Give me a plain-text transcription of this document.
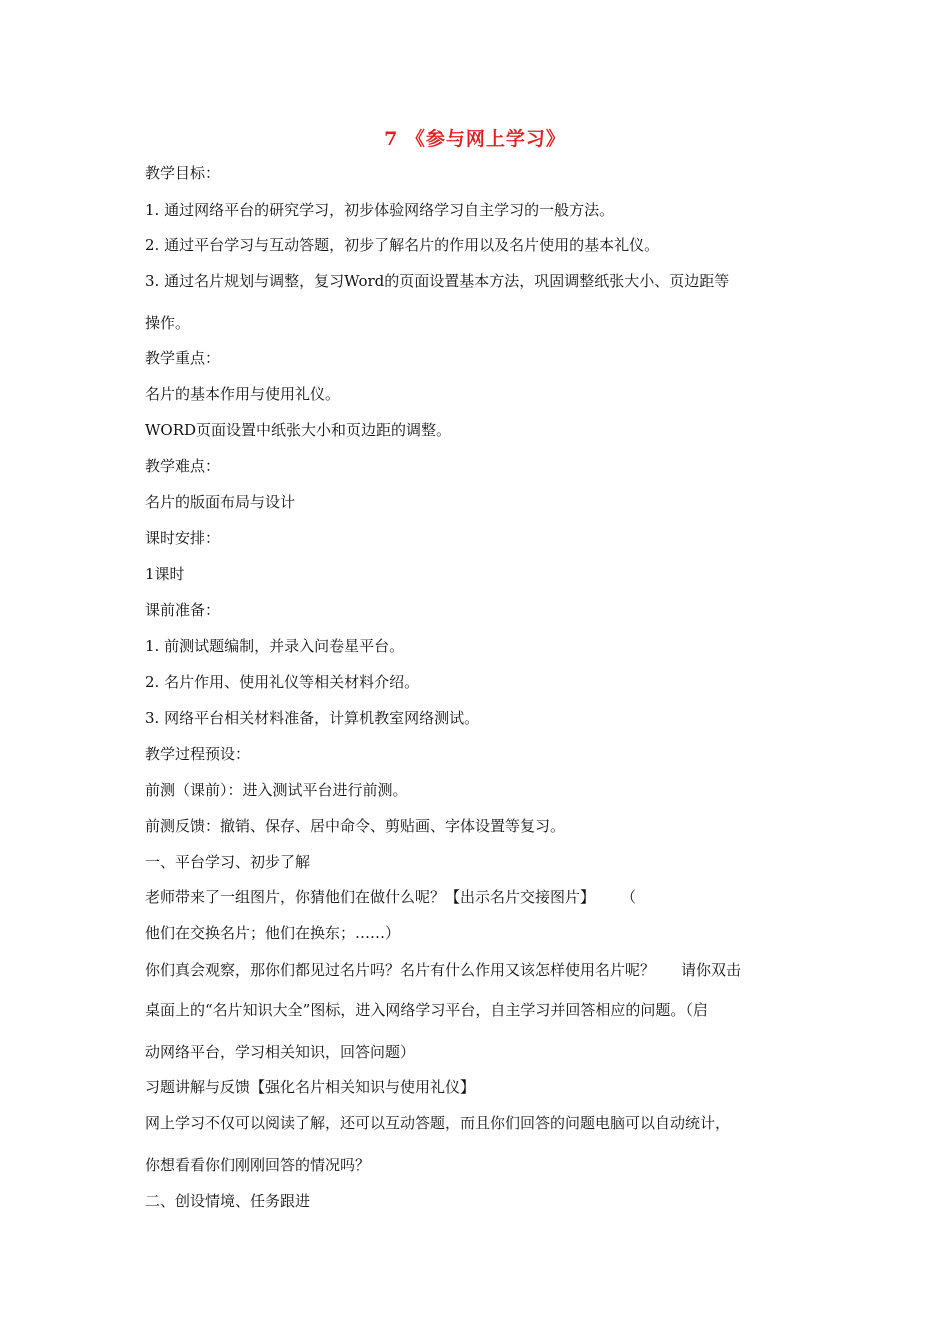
7 《参与网上学习》
教学目标：
1. 通过网络平台的研究学习，初步体验网络学习自主学习的一般方法。
2. 通过平台学习与互动答题，初步了解名片的作用以及名片使用的基本礼仪。
3. 通过名片规划与调整，复习Word的页面设置基本方法，巩固调整纸张大小、页边距等
操作。
教学重点：
名片的基本作用与使用礼仪。
WORD页面设置中纸张大小和页边距的调整。
教学难点：
名片的版面布局与设计
课时安排：
1课时
课前准备：
1. 前测试题编制，并录入问卷星平台。
2. 名片作用、使用礼仪等相关材料介绍。
3. 网络平台相关材料准备，计算机教室网络测试。
教学过程预设：
前测（课前）：进入测试平台进行前测。
前测反馈：撤销、保存、居中命令、剪贴画、字体设置等复习。
一、平台学习、初步了解
老师带来了一组图片，你猜他们在做什么呢？【出示名片交接图片】 （
他们在交换名片；他们在换东；……）
你们真会观察，那你们都见过名片吗？名片有什么作用又该怎样使用名片呢？ 请你双击
桌面上的“名片知识大全”图标，进入网络学习平台，自主学习并回答相应的问题。（启
动网络平台，学习相关知识，回答问题）
习题讲解与反馈【强化名片相关知识与使用礼仪】
网上学习不仅可以阅读了解，还可以互动答题，而且你们回答的问题电脑可以自动统计，
你想看看你们刚刚回答的情况吗？
二、创设情境、任务跟进
